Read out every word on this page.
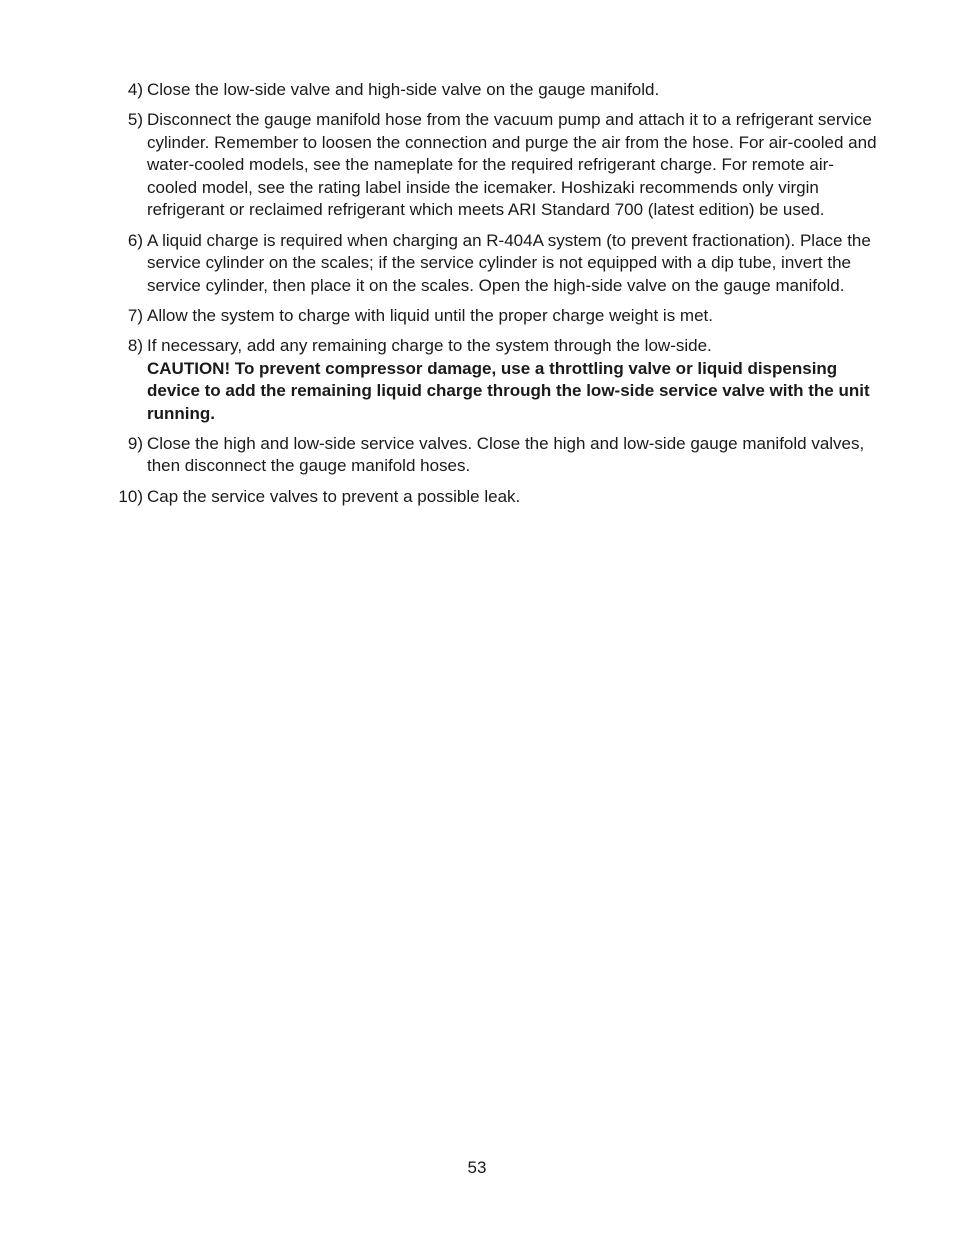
4) Close the low-side valve and high-side valve on the gauge manifold.
5) Disconnect the gauge manifold hose from the vacuum pump and attach it to a refrigerant service cylinder. Remember to loosen the connection and purge the air from the hose. For air-cooled and water-cooled models, see the nameplate for the required refrigerant charge. For remote air-cooled model, see the rating label inside the icemaker. Hoshizaki recommends only virgin refrigerant or reclaimed refrigerant which meets ARI Standard 700 (latest edition) be used.
6) A liquid charge is required when charging an R-404A system (to prevent fractionation). Place the service cylinder on the scales; if the service cylinder is not equipped with a dip tube, invert the service cylinder, then place it on the scales. Open the high-side valve on the gauge manifold.
7) Allow the system to charge with liquid until the proper charge weight is met.
8) If necessary, add any remaining charge to the system through the low-side.
CAUTION! To prevent compressor damage, use a throttling valve or liquid dispensing device to add the remaining liquid charge through the low-side service valve with the unit running.
9) Close the high and low-side service valves. Close the high and low-side gauge manifold valves, then disconnect the gauge manifold hoses.
10) Cap the service valves to prevent a possible leak.
53
